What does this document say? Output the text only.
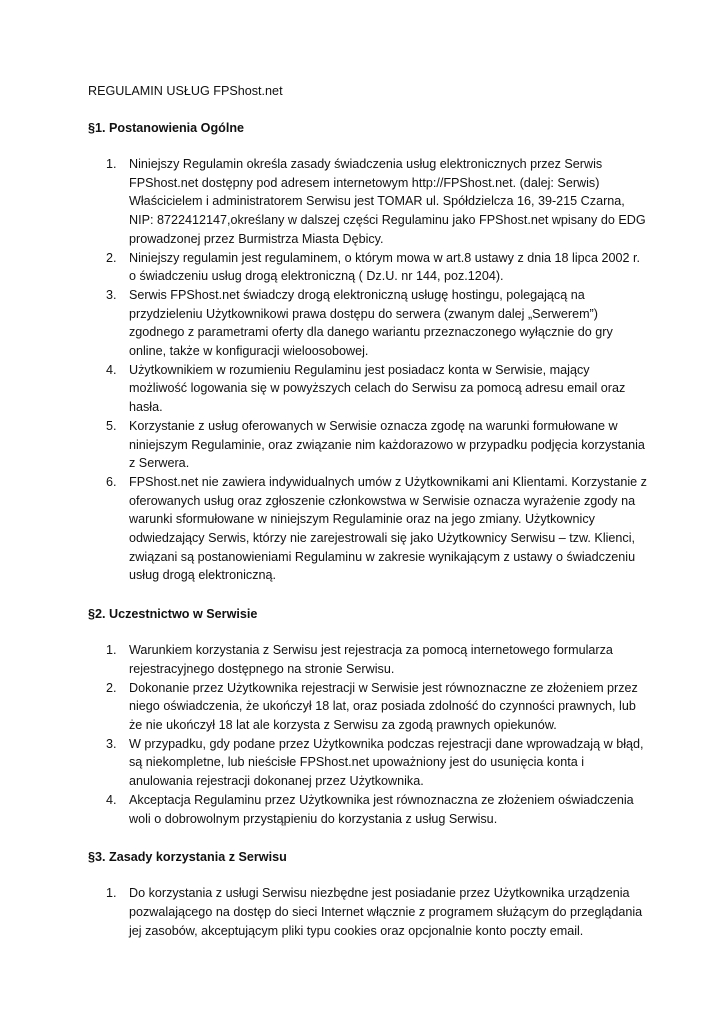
REGULAMIN USŁUG FPShost.net
§1. Postanowienia Ogólne
1. Niniejszy Regulamin określa zasady świadczenia usług elektronicznych przez Serwis FPShost.net dostępny pod adresem internetowym http://FPShost.net. (dalej: Serwis) Właścicielem i administratorem Serwisu jest TOMAR ul. Spółdzielcza 16, 39-215 Czarna, NIP: 8722412147,określany w dalszej części Regulaminu jako FPShost.net wpisany do EDG prowadzonej przez Burmistrza Miasta Dębicy.
2. Niniejszy regulamin jest regulaminem, o którym mowa w art.8 ustawy z dnia 18 lipca 2002 r. o świadczeniu usług drogą elektroniczną ( Dz.U. nr 144, poz.1204).
3. Serwis FPShost.net świadczy drogą elektroniczną usługę hostingu, polegającą na przydzieleniu Użytkownikowi prawa dostępu do serwera (zwanym dalej „Serwerem”) zgodnego z parametrami oferty dla danego wariantu przeznaczonego wyłącznie do gry online, także w konfiguracji wieloosobowej.
4. Użytkownikiem w rozumieniu Regulaminu jest posiadacz konta w Serwisie, mający możliwość logowania się w powyższych celach do Serwisu za pomocą adresu email oraz hasła.
5. Korzystanie z usług oferowanych w Serwisie oznacza zgodę na warunki formułowane w niniejszym Regulaminie, oraz związanie nim każdorazowo w przypadku podjęcia korzystania z Serwera.
6. FPShost.net nie zawiera indywidualnych umów z Użytkownikami ani Klientami. Korzystanie z oferowanych usług oraz zgłoszenie członkowstwa w Serwisie oznacza wyrażenie zgody na warunki sformułowane w niniejszym Regulaminie oraz na jego zmiany. Użytkownicy odwiedzający Serwis, którzy nie zarejestrowali się jako Użytkownicy Serwisu – tzw. Klienci, związani są postanowieniami Regulaminu w zakresie wynikającym z ustawy o świadczeniu usług drogą elektroniczną.
§2. Uczestnictwo w Serwisie
1. Warunkiem korzystania z Serwisu jest rejestracja za pomocą internetowego formularza rejestracyjnego dostępnego na stronie Serwisu.
2. Dokonanie przez Użytkownika rejestracji w Serwisie jest równoznaczne ze złożeniem przez niego oświadczenia, że ukończył 18 lat, oraz posiada zdolność do czynności prawnych, lub że nie ukończył 18 lat ale korzysta z Serwisu za zgodą prawnych opiekunów.
3. W przypadku, gdy podane przez Użytkownika podczas rejestracji dane wprowadzają w błąd, są niekompletne, lub nieścisłe FPShost.net upoważniony jest do usunięcia konta i anulowania rejestracji dokonanej przez Użytkownika.
4. Akceptacja Regulaminu przez Użytkownika jest równoznaczna ze złożeniem oświadczenia woli o dobrowolnym przystąpieniu do korzystania z usług Serwisu.
§3. Zasady korzystania z Serwisu
1. Do korzystania z usługi Serwisu niezbędne jest posiadanie przez Użytkownika urządzenia pozwalającego na dostęp do sieci Internet włącznie z programem służącym do przeglądania jej zasobów, akceptującym pliki typu cookies oraz opcjonalnie konto poczty email.
